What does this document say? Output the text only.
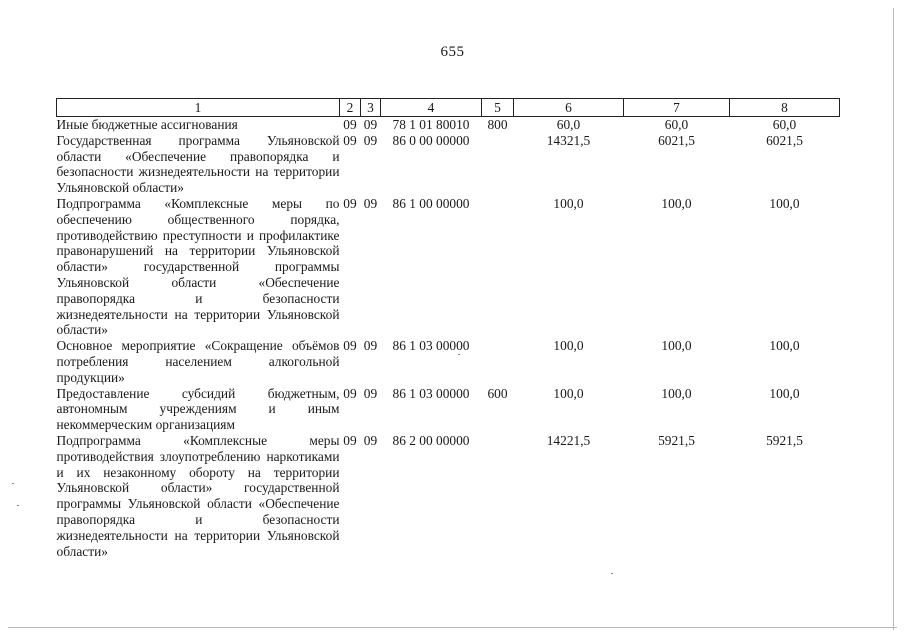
655
1	2	3	4	5	6	7	8
Иные бюджетные ассигнования	09	09	78 1 01 80010	800	60,0	60,0	60,0
Государственная программа Ульяновской области «Обеспечение правопорядка и безопасности жизнедеятельности на территории Ульяновской области»	09	09	86 0 00 00000		14321,5	6021,5	6021,5
Подпрограмма «Комплексные меры по обеспечению общественного порядка, противодействию преступности и профилактике правонарушений на территории Ульяновской области» государственной программы Ульяновской области «Обеспечение правопорядка и безопасности жизнедеятельности на территории Ульяновской области»	09	09	86 1 00 00000		100,0	100,0	100,0
Основное мероприятие «Сокращение объёмов потребления населением алкогольной продукции»	09	09	86 1 03 00000		100,0	100,0	100,0
Предоставление субсидий бюджетным, автономным учреждениям и иным некоммерческим организациям	09	09	86 1 03 00000	600	100,0	100,0	100,0
Подпрограмма «Комплексные меры противодействия злоупотреблению наркотиками и их незаконному обороту на территории Ульяновской области» государственной программы Ульяновской области «Обеспечение правопорядка и безопасности жизнедеятельности на территории Ульяновской области»	09	09	86 2 00 00000		14221,5	5921,5	5921,5
